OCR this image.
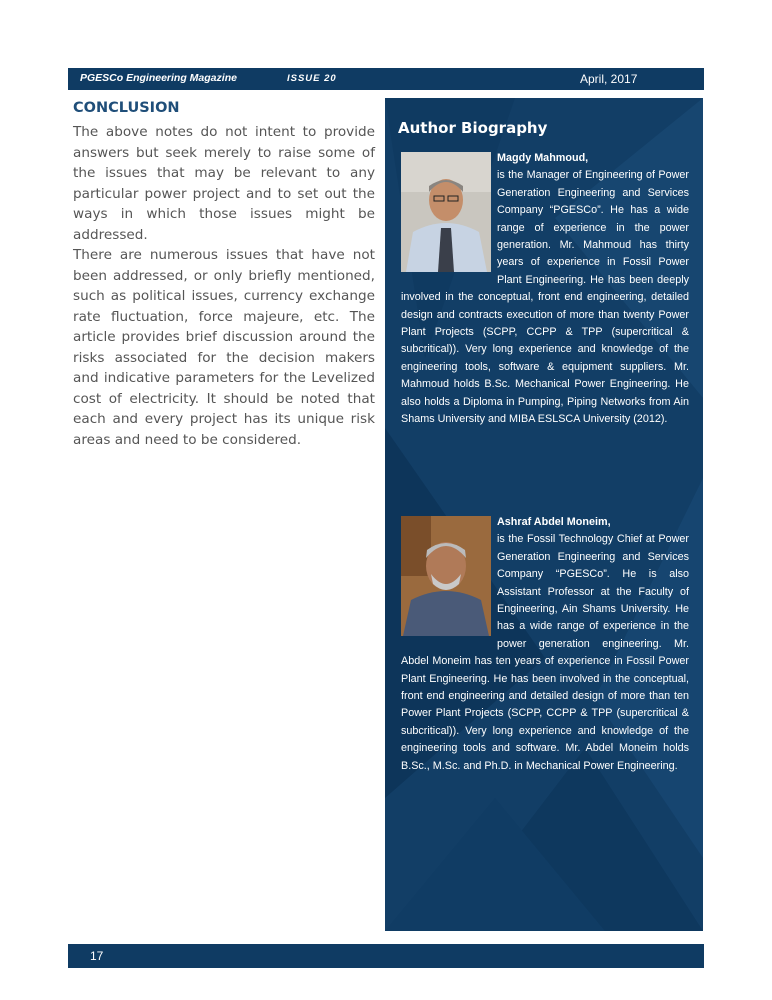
PGESCo Engineering Magazine	ISSUE 20	April, 2017
CONCLUSION

The above notes do not intent to provide answers but seek merely to raise some of the issues that may be relevant to any particular power project and to set out the ways in which those issues might be addressed.

There are numerous issues that have not been addressed, or only briefly mentioned, such as political issues, currency exchange rate fluctuation, force majeure, etc. The article provides brief discussion around the risks associated for the decision makers and indicative parameters for the Levelized cost of electricity. It should be noted that each and every project has its unique risk areas and need to be considered.

Author Biography
Magdy Mahmoud,
is the Manager of Engineering of Power Generation Engineering and Services Company “PGESCo”. He has a wide range of experience in the power generation. Mr. Mahmoud has thirty years of experience in Fossil Power Plant Engineering. He has been deeply involved in the conceptual, front end engineering, detailed design and contracts execution of more than twenty Power Plant Projects (SCPP, CCPP & TPP (supercritical & subcritical)). Very long experience and knowledge of the engineering tools, software & equipment suppliers. Mr. Mahmoud holds B.Sc. Mechanical Power Engineering. He also holds a Diploma in Pumping, Piping Networks from Ain Shams University and MIBA ESLSCA University (2012).
Ashraf Abdel Moneim,
is the Fossil Technology Chief at Power Generation Engineering and Services Company “PGESCo”. He is also Assistant Professor at the Faculty of Engineering, Ain Shams University. He has a wide range of experience in the power generation engineering. Mr. Abdel Moneim has ten years of experience in Fossil Power Plant Engineering. He has been involved in the conceptual, front end engineering and detailed design of more than ten Power Plant Projects (SCPP, CCPP & TPP (supercritical & subcritical)). Very long experience and knowledge of the engineering tools and software. Mr. Abdel Moneim holds B.Sc., M.Sc. and Ph.D. in Mechanical Power Engineering.
17
